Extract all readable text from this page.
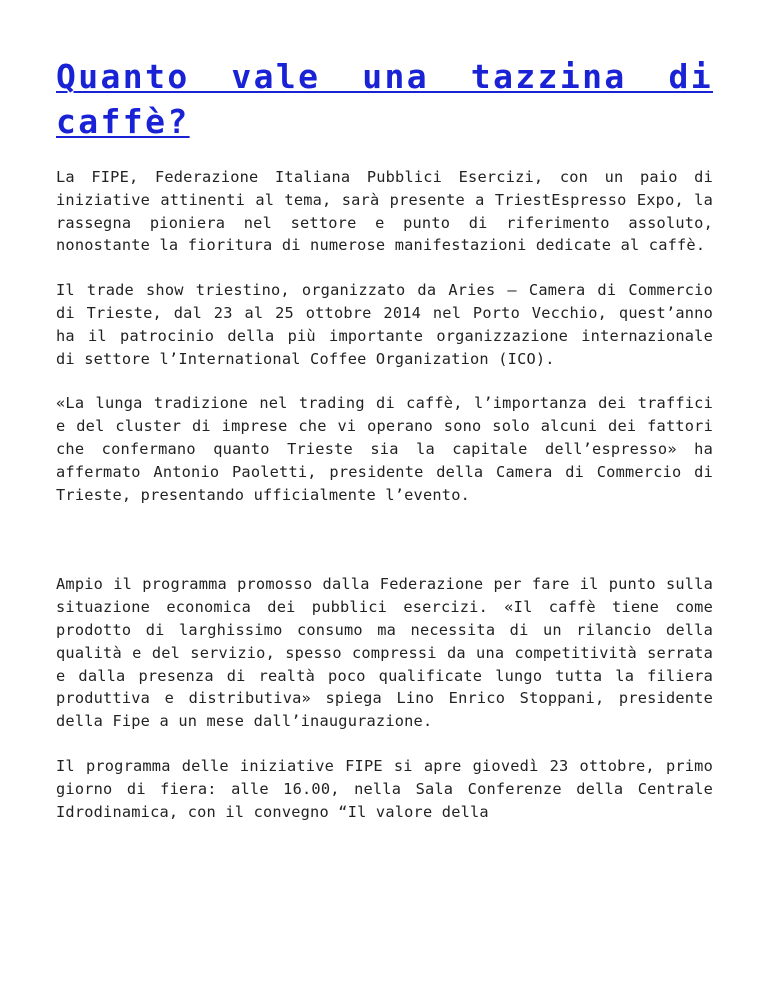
Quanto vale una tazzina di caffè?

La FIPE, Federazione Italiana Pubblici Esercizi, con un paio di iniziative attinenti al tema, sarà presente a TriestEspresso Expo, la rassegna pioniera nel settore e punto di riferimento assoluto, nonostante la fioritura di numerose manifestazioni dedicate al caffè.

Il trade show triestino, organizzato da Aries – Camera di Commercio di Trieste, dal 23 al 25 ottobre 2014 nel Porto Vecchio, quest’anno ha il patrocinio della più importante organizzazione internazionale di settore l’International Coffee Organization (ICO).

«La lunga tradizione nel trading di caffè, l’importanza dei traffici e del cluster di imprese che vi operano sono solo alcuni dei fattori che confermano quanto Trieste sia la capitale dell’espresso» ha affermato Antonio Paoletti, presidente della Camera di Commercio di Trieste, presentando ufficialmente l’evento.

Ampio il programma promosso dalla Federazione per fare il punto sulla situazione economica dei pubblici esercizi. «Il caffè tiene come prodotto di larghissimo consumo ma necessita di un rilancio della qualità e del servizio, spesso compressi da una competitività serrata e dalla presenza di realtà poco qualificate lungo tutta la filiera produttiva e distributiva» spiega Lino Enrico Stoppani, presidente della Fipe a un mese dall’inaugurazione.

Il programma delle iniziative FIPE si apre giovedì 23 ottobre, primo giorno di fiera: alle 16.00, nella Sala Conferenze della Centrale Idrodinamica, con il convegno “Il valore della
